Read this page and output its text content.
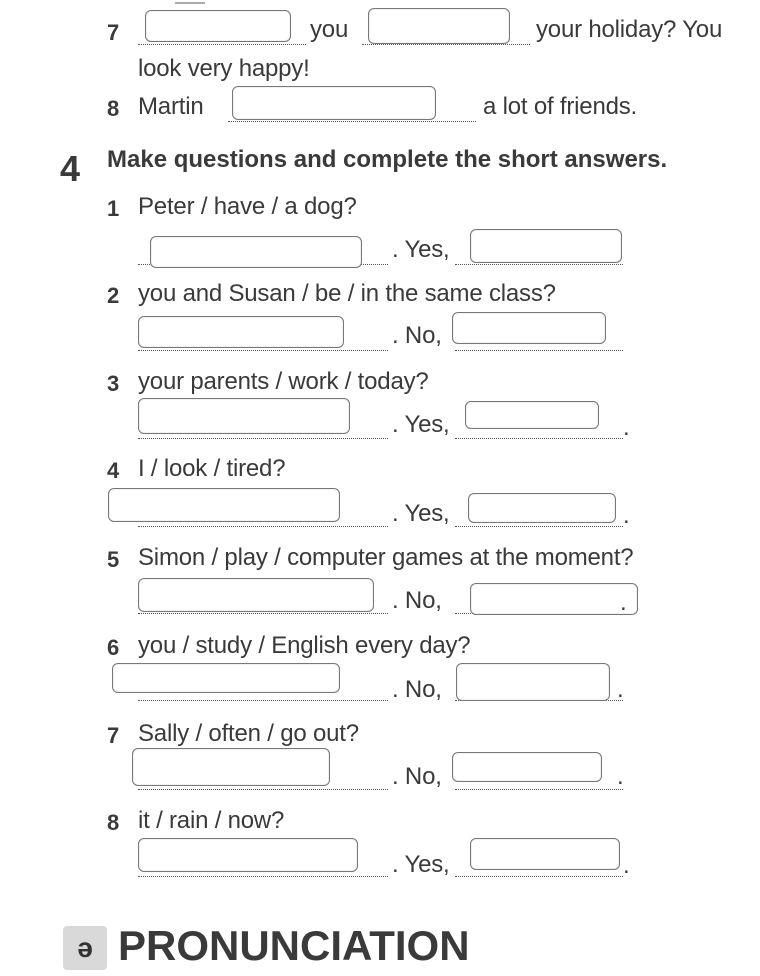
7	you	your holiday? You
look very happy!
8 Martin	a lot of friends.
4 Make questions and complete the short answers.
1 Peter / have / a dog?
. Yes,
2 you and Susan / be / in the same class?
. No,
3 your parents / work / today?
. Yes,	.
4 I / look / tired?
. Yes,	.
5 Simon / play / computer games at the moment?
. No,	.
6 you / study / English every day?
. No,	.
7 Sally / often / go out?
. No,	.
8 it / rain / now?
. Yes,	.
ə PRONUNCIATION
